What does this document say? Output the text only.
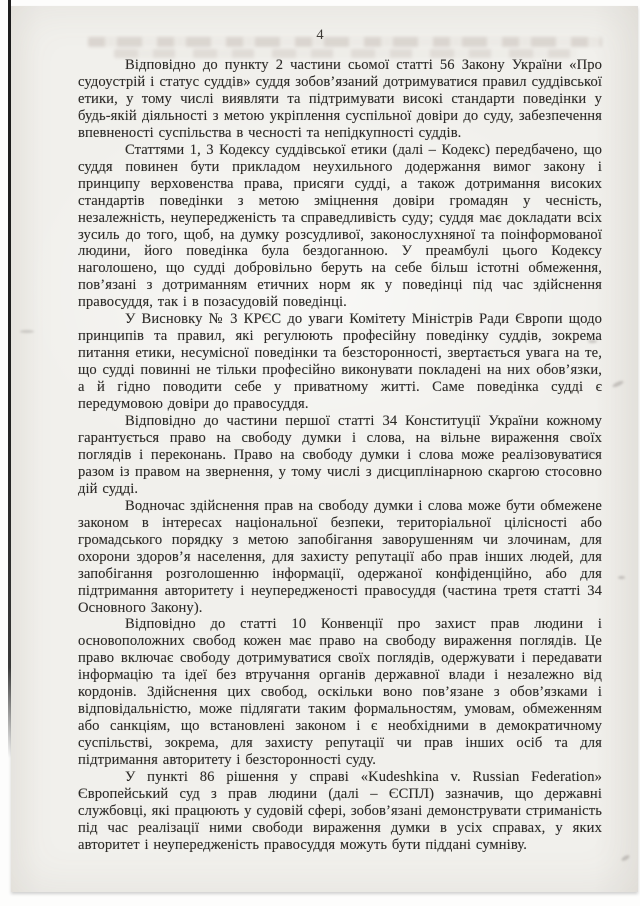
4

Відповідно до пункту 2 частини сьомої статті 56 Закону України «Про судоустрій і статус суддів» суддя зобов’язаний дотримуватися правил суддівської етики, у тому числі виявляти та підтримувати високі стандарти поведінки у будь-якій діяльності з метою укріплення суспільної довіри до суду, забезпечення впевненості суспільства в чесності та непідкупності суддів.

Статтями 1, 3 Кодексу суддівської етики (далі – Кодекс) передбачено, що суддя повинен бути прикладом неухильного додержання вимог закону і принципу верховенства права, присяги судді, а також дотримання високих стандартів поведінки з метою зміцнення довіри громадян у чесність, незалежність, неупередженість та справедливість суду; суддя має докладати всіх зусиль до того, щоб, на думку розсудливої, законослухняної та поінформованої людини, його поведінка була бездоганною. У преамбулі цього Кодексу наголошено, що судді добровільно беруть на себе більш істотні обмеження, пов’язані з дотриманням етичних норм як у поведінці під час здійснення правосуддя, так і в позасудовій поведінці.

У Висновку № 3 КРЄС до уваги Комітету Міністрів Ради Європи щодо принципів та правил, які регулюють професійну поведінку суддів, зокрема питання етики, несумісної поведінки та безсторонності, звертається увага на те, що судді повинні не тільки професійно виконувати покладені на них обов’язки, а й гідно поводити себе у приватному житті. Саме поведінка судді є передумовою довіри до правосуддя.

Відповідно до частини першої статті 34 Конституції України кожному гарантується право на свободу думки і слова, на вільне вираження своїх поглядів і переконань. Право на свободу думки і слова може реалізовуватися разом із правом на звернення, у тому числі з дисциплінарною скаргою стосовно дій судді.

Водночас здійснення прав на свободу думки і слова може бути обмежене законом в інтересах національної безпеки, територіальної цілісності або громадського порядку з метою запобігання заворушенням чи злочинам, для охорони здоров’я населення, для захисту репутації або прав інших людей, для запобігання розголошенню інформації, одержаної конфіденційно, або для підтримання авторитету і неупередженості правосуддя (частина третя статті 34 Основного Закону).

Відповідно до статті 10 Конвенції про захист прав людини і основоположних свобод кожен має право на свободу вираження поглядів. Це право включає свободу дотримуватися своїх поглядів, одержувати і передавати інформацію та ідеї без втручання органів державної влади і незалежно від кордонів. Здійснення цих свобод, оскільки воно пов’язане з обов’язками і відповідальністю, може підлягати таким формальностям, умовам, обмеженням або санкціям, що встановлені законом і є необхідними в демократичному суспільстві, зокрема, для захисту репутації чи прав інших осіб та для підтримання авторитету і безсторонності суду.

У пункті 86 рішення у справі «Kudeshkina v. Russian Federation» Європейський суд з прав людини (далі – ЄСПЛ) зазначив, що державні службовці, які працюють у судовій сфері, зобов’язані демонструвати стриманість під час реалізації ними свободи вираження думки в усіх справах, у яких авторитет і неупередженість правосуддя можуть бути піддані сумніву.
